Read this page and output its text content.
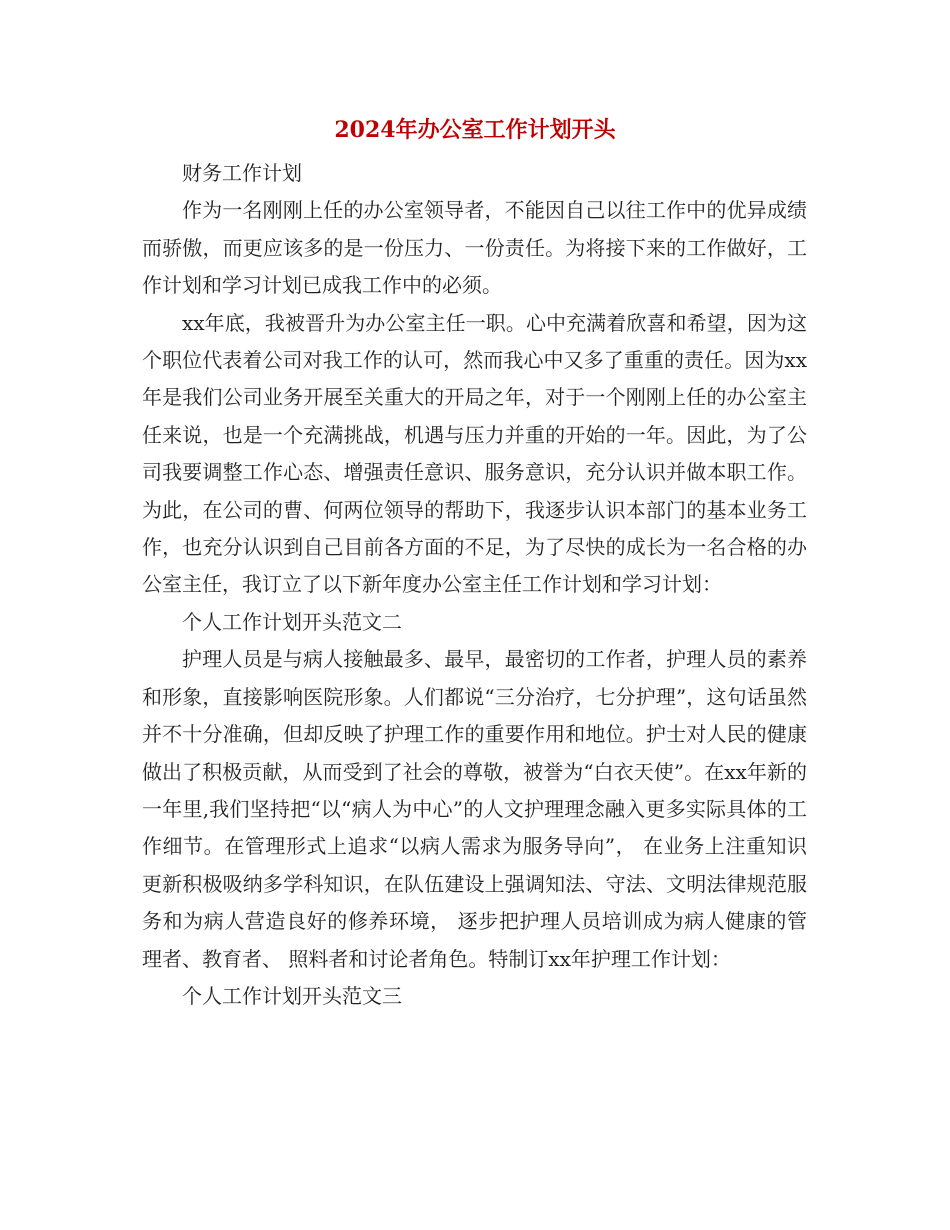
2024年办公室工作计划开头

财务工作计划

作为一名刚刚上任的办公室领导者，不能因自己以往工作中的优异成绩而骄傲，而更应该多的是一份压力、一份责任。为将接下来的工作做好，工作计划和学习计划已成我工作中的必须。

xx年底，我被晋升为办公室主任一职。心中充满着欣喜和希望，因为这个职位代表着公司对我工作的认可，然而我心中又多了重重的责任。因为xx年是我们公司业务开展至关重大的开局之年，对于一个刚刚上任的办公室主任来说，也是一个充满挑战，机遇与压力并重的开始的一年。因此，为了公司我要调整工作心态、增强责任意识、服务意识，充分认识并做本职工作。为此，在公司的曹、何两位领导的帮助下，我逐步认识本部门的基本业务工作，也充分认识到自己目前各方面的不足，为了尽快的成长为一名合格的办公室主任，我订立了以下新年度办公室主任工作计划和学习计划：

个人工作计划开头范文二

护理人员是与病人接触最多、最早，最密切的工作者，护理人员的素养和形象，直接影响医院形象。人们都说“三分治疗，七分护理”，这句话虽然并不十分准确，但却反映了护理工作的重要作用和地位。护士对人民的健康做出了积极贡献，从而受到了社会的尊敬，被誉为“白衣天使”。在xx年新的一年里,我们坚持把“以“病人为中心”的人文护理理念融入更多实际具体的工作细节。在管理形式上追求“以病人需求为服务导向”， 在业务上注重知识更新积极吸纳多学科知识，在队伍建设上强调知法、守法、文明法律规范服务和为病人营造良好的修养环境， 逐步把护理人员培训成为病人健康的管理者、教育者、 照料者和讨论者角色。特制订xx年护理工作计划：

个人工作计划开头范文三
